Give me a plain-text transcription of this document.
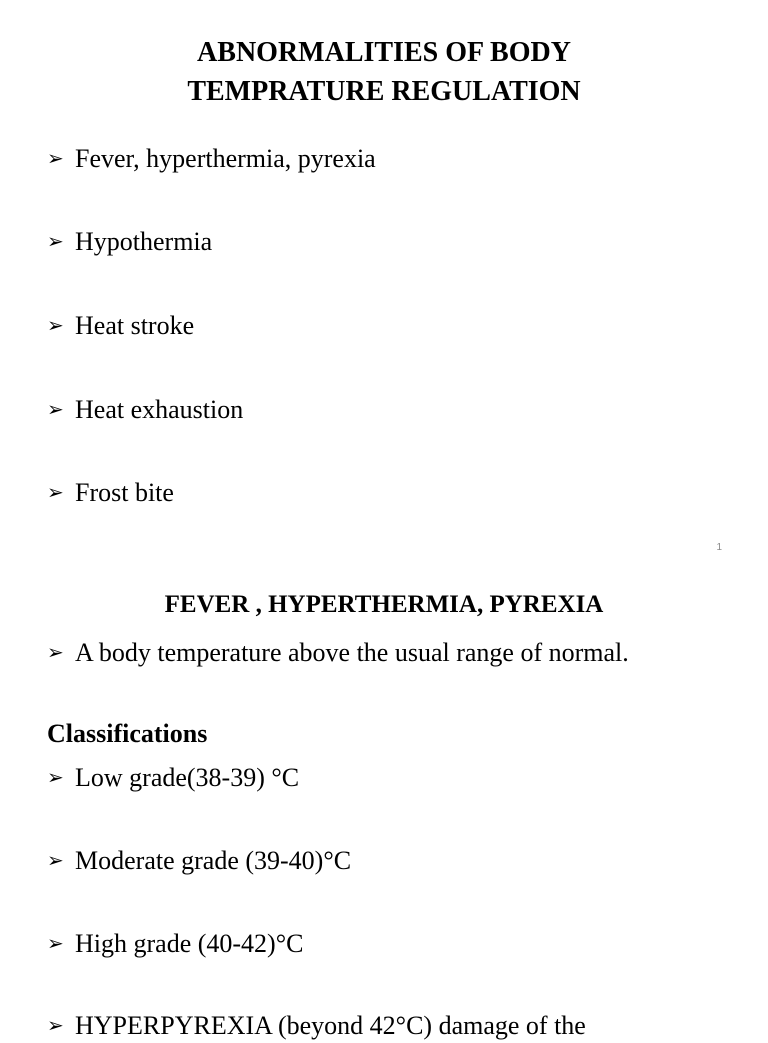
ABNORMALITIES OF BODY
TEMPRATURE REGULATION
➢ Fever, hyperthermia, pyrexia
➢ Hypothermia
➢ Heat stroke
➢ Heat exhaustion
➢ Frost bite
1
FEVER , HYPERTHERMIA, PYREXIA
➢ A body temperature above the usual range of normal.
Classifications
➢ Low grade(38-39) °C
➢ Moderate grade (39-40)°C
➢ High grade (40-42)°C
➢ HYPERPYREXIA (beyond 42°C) damage of the
